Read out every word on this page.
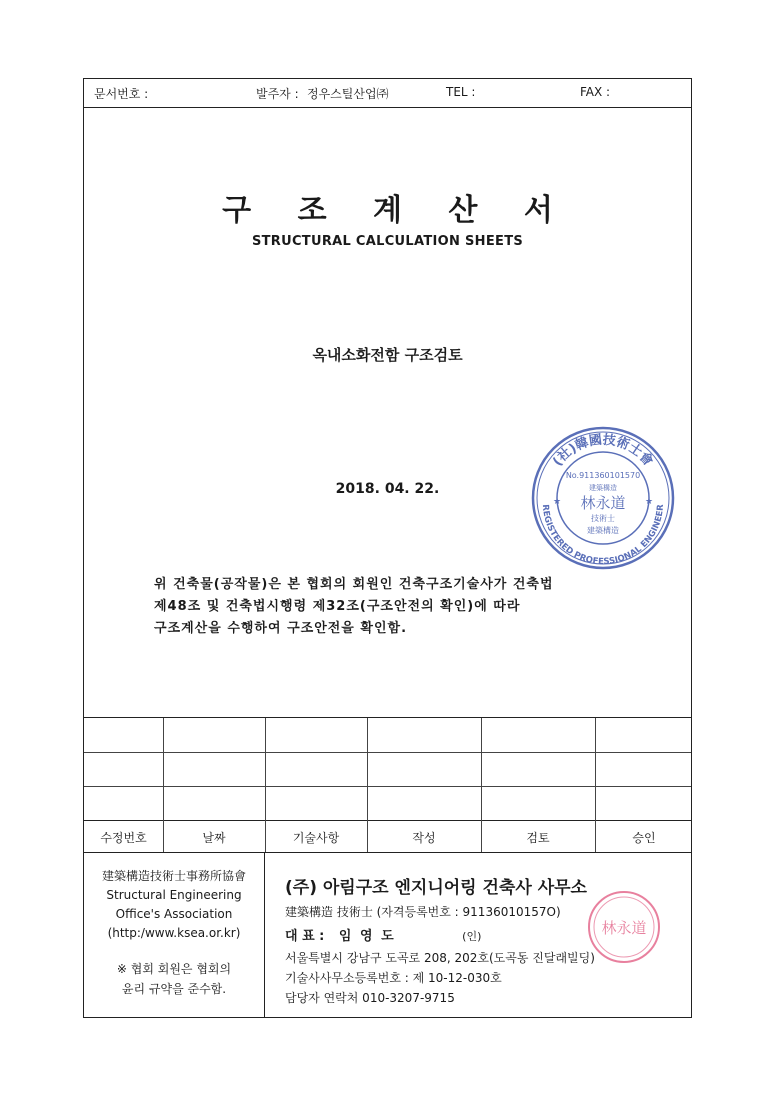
문서번호 :	발주자 : 정우스틸산업㈜	TEL :	FAX :
구 조 계 산 서
STRUCTURAL CALCULATION SHEETS
옥내소화전함 구조검토
2018. 04. 22.
(社)韓國技術士會
REGISTERED PROFESSIONAL ENGINEER
★	★
No.911360101570
建築構造
林永道
技術士
建築構造
위 건축물(공작물)은 본 협회의 회원인 건축구조기술사가 건축법
제48조 및 건축법시행령 제32조(구조안전의 확인)에 따라
구조계산을 수행하여 구조안전을 확인함.
수정번호	날짜	기술사항	작성	검토	승인
建築構造技術士事務所協會
Structural Engineering
Office's Association
(http:/www.ksea.or.kr)
※ 협회 회원은 협회의
윤리 규약을 준수함.
(주) 아림구조 엔지니어링 건축사 사무소
建築構造 技術士 (자격등록번호 : 91136010157O)
대 표 : 임 영 도	(인)
서울특별시 강남구 도곡로 208, 202호(도곡동 진달래빌딩)
기술사사무소등록번호 : 제 10-12-030호
담당자 연락처 010-3207-9715
林永道
